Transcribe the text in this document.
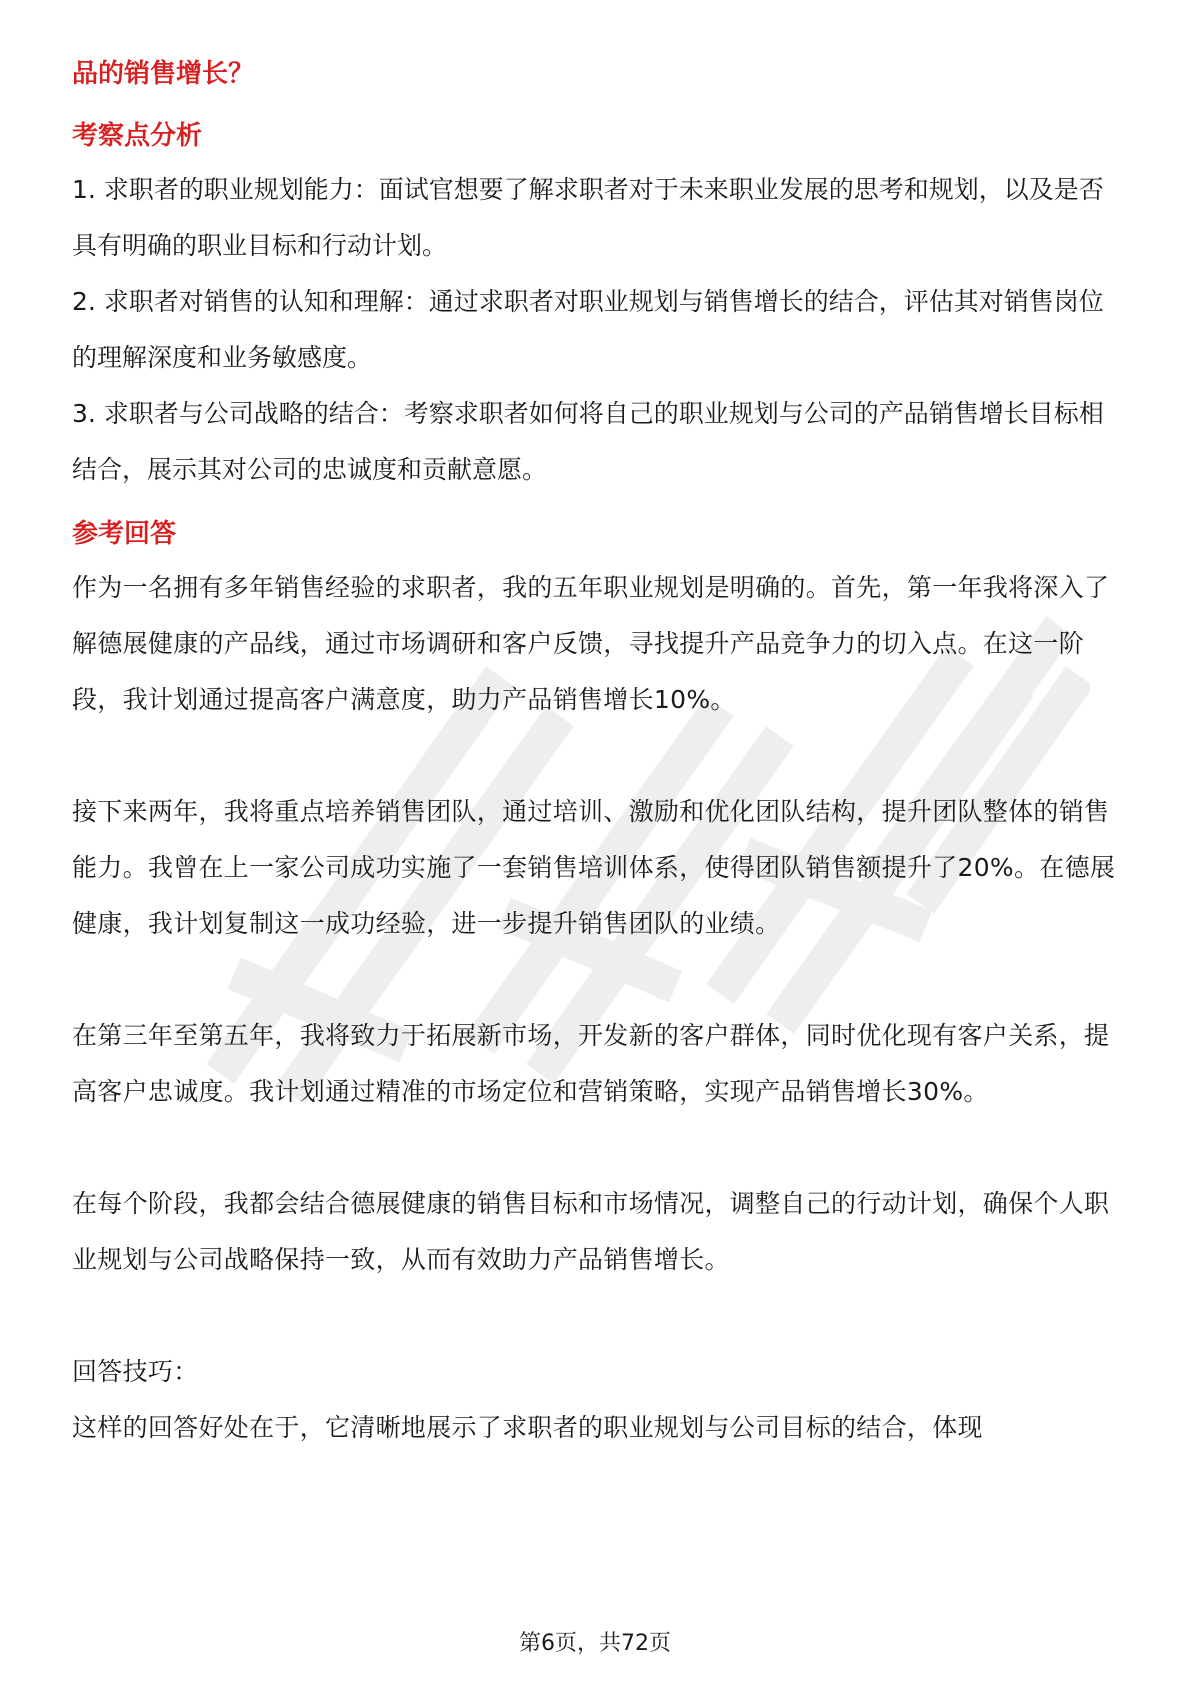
品的销售增长？

考察点分析

1. 求职者的职业规划能力：面试官想要了解求职者对于未来职业发展的思考和规划，以及是否具有明确的职业目标和行动计划。

2. 求职者对销售的认知和理解：通过求职者对职业规划与销售增长的结合，评估其对销售岗位的理解深度和业务敏感度。

3. 求职者与公司战略的结合：考察求职者如何将自己的职业规划与公司的产品销售增长目标相结合，展示其对公司的忠诚度和贡献意愿。

参考回答

作为一名拥有多年销售经验的求职者，我的五年职业规划是明确的。首先，第一年我将深入了解德展健康的产品线，通过市场调研和客户反馈，寻找提升产品竞争力的切入点。在这一阶段，我计划通过提高客户满意度，助力产品销售增长10%。

接下来两年，我将重点培养销售团队，通过培训、激励和优化团队结构，提升团队整体的销售能力。我曾在上一家公司成功实施了一套销售培训体系，使得团队销售额提升了20%。在德展健康，我计划复制这一成功经验，进一步提升销售团队的业绩。

在第三年至第五年，我将致力于拓展新市场，开发新的客户群体，同时优化现有客户关系，提高客户忠诚度。我计划通过精准的市场定位和营销策略，实现产品销售增长30%。

在每个阶段，我都会结合德展健康的销售目标和市场情况，调整自己的行动计划，确保个人职业规划与公司战略保持一致，从而有效助力产品销售增长。

回答技巧：

这样的回答好处在于，它清晰地展示了求职者的职业规划与公司目标的结合，体现

第6页，共72页
